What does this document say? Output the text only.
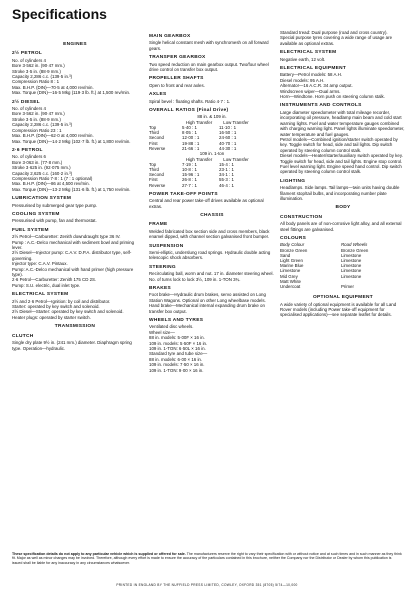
Specifications
ENGINES
2½ PETROL
No. of cylinders 4
Bore 3·562 in. (90·47 mm.)
Stroke 3·5 in. (88·9 mm.)
Capacity 2,286 c.c. (139·5 in.³)
Compression Ratio 8 : 1
Max. B.H.P. (DIN)—70·5 at 4,000 rev/min.
Max. Torque (DIN)—16·5 Mkg (119·3 lb. ft.) at 1,500 rev/min.
2½ DIESEL
No. of cylinders 4
Bore 3·562 in. (90·47 mm.)
Stroke 3·5 in. (88·9 mm.)
Capacity 2,286 c.c. (139·5 in.³)
Compression Ratio 23 : 1
Max. B.H.P. (DIN)—62·0 at 4,000 rev/min.
Max. Torque (DIN)—14·2 Mkg (102·7 lb. ft.) at 1,800 rev/min.
2·6 PETROL
No. of cylinders 6
Bore 3·063 in. (77·8 mm.)
Stroke 3·625 in. (92·075 mm.)
Capacity 2,625 c.c. (160·2 in.³)
Compression Ratio 7·8 : 1 (7 : 1 optional)
Max. B.H.P. (DIN)—86 at 4,500 rev/min.
Max. Torque (DIN)—13·2 Mkg (131·6 lb. ft.) at 1,750 rev/min.
LUBRICATION SYSTEM
Pressurised by submerged gear type pump.
COOLING SYSTEM
Pressurised with pump, fan and thermostat.
FUEL SYSTEM
2½ Petrol—Carburetter: Zenith downdraught type 36 IV.
Pump : A.C.-Delco mechanical with sediment bowl and priming lever.
2½ Diesel—Injector pump: C.A.V. D.P.A. distributor type, self-governing.
Injector type: C.A.V. Pintaux.
Pump: A.C.-Delco mechanical with hand primer (high pressure type).
2·6 Petrol—Carburetter: Zenith 175 CD 2S.
Pump: S.U. electric, dual inlet type.
ELECTRICAL SYSTEM
2½ and 2·6 Petrol—Ignition: by coil and distributor.
Starter: operated by key switch and solenoid.
2½ Diesel—Starter: operated by key switch and solenoid.
Heater plugs: operated by starter switch.
TRANSMISSION
CLUTCH
Single dry plate 9½ in. (241 mm.) diameter. Diaphragm spring type. Operation—hydraulic.
MAIN GEARBOX
Single helical constant mesh with synchromesh on all forward gears.
TRANSFER GEARBOX
Two speed reduction on main gearbox output. Two/four wheel drive control on transfer box output.
PROPELLER SHAFTS
Open to front and rear axles.
AXLES
Spiral bevel : floating shafts. Ratio 4·7 : 1.
OVERALL RATIOS (Final Drive)
88 in. & 109 in.
	High Transfer	Low Transfer
Top	5·40 : 1	11·10 : 1
Third	8·05 : 1	16·50 : 1
Second	12·00 : 1	24·60 : 1
First	19·88 : 1	40·70 : 1
Reverse	21·66 : 1	44·30 : 1
109 in. 1-ton
	High Transfer	Low Transfer
Top	7·19 : 1	15·4 : 1
Third	10·8 : 1	23·1 : 1
Second	15·96 : 1	34·1 : 1
First	26·8 : 1	55·3 : 1
Reverse	27·7 : 1	46·4 : 1
POWER TAKE-OFF POINTS
Central and rear power take-off drives available as optional extras.
CHASSIS
FRAME
Welded fabricated box section side and cross members, black enamel dipped, with channel section galvanised front bumper.
SUSPENSION
Semi-elliptic, underslung road springs. Hydraulic double acting telescopic shock absorbers.
STEERING
Recirculating ball, worm and nut. 17 in. diameter steering wheel. No. of turns lock to lock 3½, 109 in. 1-TON 3¾.
BRAKES
Foot brake—Hydraulic drum brakes, servo assisted on Long Station Wagons. Optional on other Long wheelbase models.
Hand brake—Mechanical internal expanding drum brake on transfer box output.
WHEELS AND TYRES
Ventilated disc wheels.
Wheel size—
88 in. models: 5·00F × 16 in.
109 in. models: 5·50F × 16 in.
109 in. 1-TON: 6·50L × 16 in.
Standard tyre and tube size—
88 in. models: 6·00 × 16 in.
109 in. models: 7·50 × 16 in.
109 in. 1-TON: 9·00 × 16 in.
Standard tread: Dual purpose (road and cross country).
Special purpose tyres covering a wide range of usage are available as optional extras.
ELECTRICAL SYSTEM
Negative earth, 12 volt.
ELECTRICAL EQUIPMENT
Battery—Petrol models: 58 A.H.
Diesel models: 95 A.H.
Alternator—16 A.C.R. 34 amp output.
Windscreen wiper—Dual arms.
Horn—Windtone. Horn push on steering column stalk.
INSTRUMENTS AND CONTROLS
Large diameter speedometer with total mileage recorder, incorporating oil pressure, headlamp main beam and cold start warning lights. Fuel and water temperature gauges combined with charging warning light. Panel lights illuminate speedometer, water temperature and fuel gauges.
Petrol models—Combined ignition/starter switch operated by key. Toggle switch for head, side and tail lights. Dip switch operated by steering column control stalk.
Diesel models—Heater/starter/auxiliary switch operated by key. Toggle switch for head, side and tail lights. Engine stop control. Fuel level warning light. Engine speed hand control. Dip switch operated by steering column control stalk.
LIGHTING
Headlamps. Side lamps. Tail lamps—twin units having double filament stop/tail bulbs, and incorporating number plate illumination.
BODY
CONSTRUCTION
All body panels are of non-corrosive light alloy, and all external steel fittings are galvanised.
COLOURS
Body Colour	Road Wheels
Bronze Green	Bronze Green
Sand	Limestone
Light Green	Limestone
Marine Blue	Limestone
Limestone	Limestone
Mid Grey	Limestone
Matt White	
Undercoat	Primer
OPTIONAL EQUIPMENT
A wide variety of optional equipment is available for all Land Rover models (including Power take-off equipment for specialised applications)—see separate leaflet for details.
These specification details do not apply to any particular vehicle which is supplied or offered for sale. The manufacturers reserve the right to vary their specification with or without notice and at such times and in such manner as they think fit. Major as well as minor changes may be involved. Therefore, although every effort is made to ensure the accuracy of the particulars contained in this brochure, neither the Company nor the Distributor or Dealer by whom this publication is issued shall be liable for any inaccuracy in any circumstances whatsoever.
PRINTED IN ENGLAND BY THE NUFFIELD PRESS LIMITED, COWLEY, OXFORD 351 (8705) 5/74—10,000
